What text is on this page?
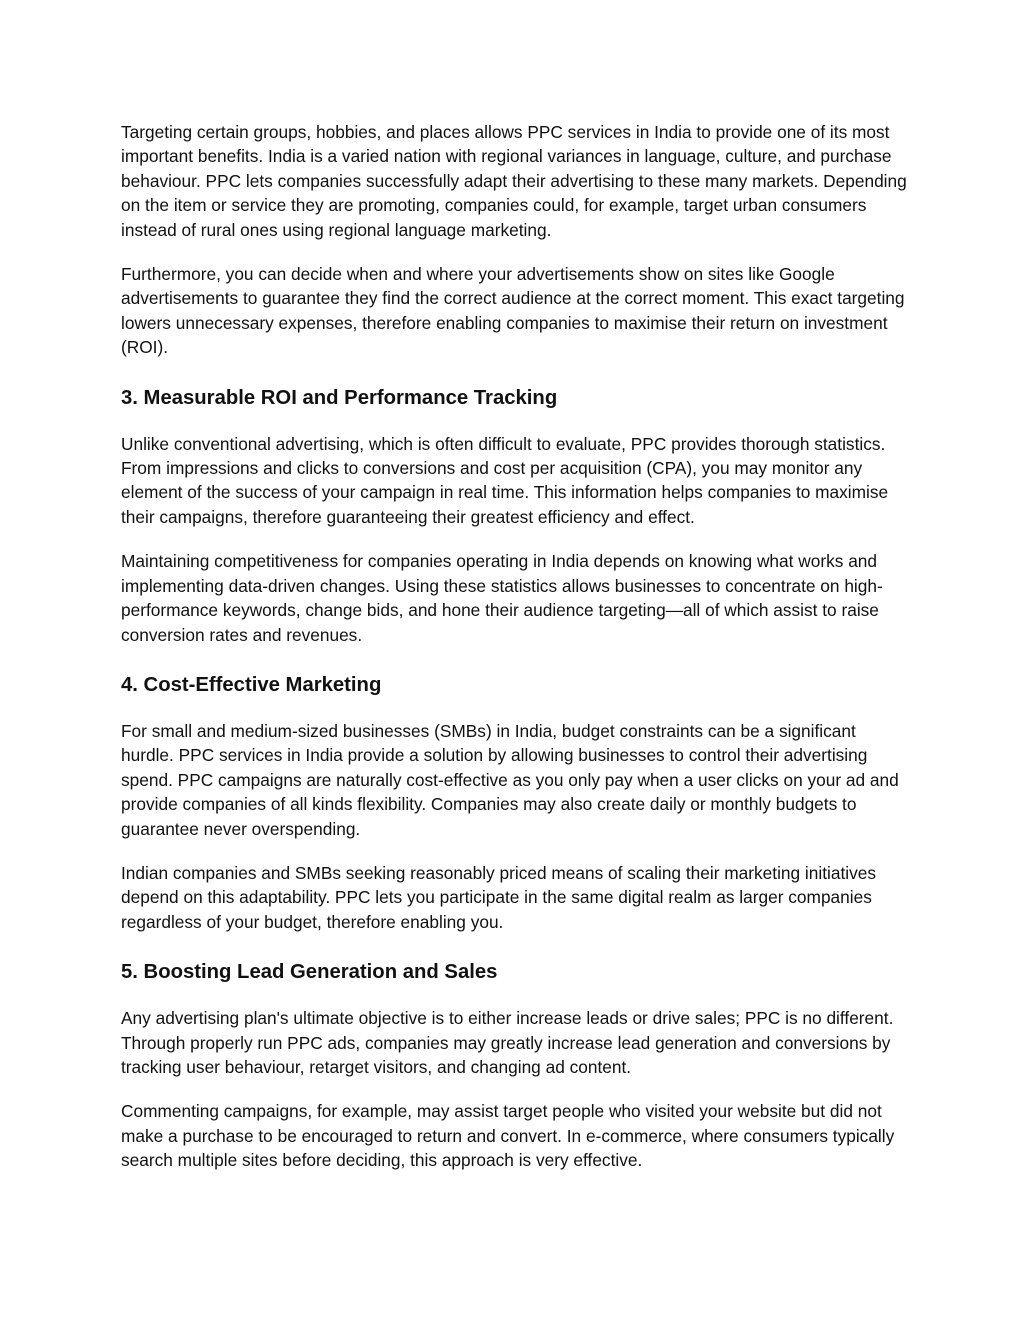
Targeting certain groups, hobbies, and places allows PPC services in India to provide one of its most important benefits. India is a varied nation with regional variances in language, culture, and purchase behaviour. PPC lets companies successfully adapt their advertising to these many markets. Depending on the item or service they are promoting, companies could, for example, target urban consumers instead of rural ones using regional language marketing.

Furthermore, you can decide when and where your advertisements show on sites like Google advertisements to guarantee they find the correct audience at the correct moment. This exact targeting lowers unnecessary expenses, therefore enabling companies to maximise their return on investment (ROI).

3. Measurable ROI and Performance Tracking

Unlike conventional advertising, which is often difficult to evaluate, PPC provides thorough statistics. From impressions and clicks to conversions and cost per acquisition (CPA), you may monitor any element of the success of your campaign in real time. This information helps companies to maximise their campaigns, therefore guaranteeing their greatest efficiency and effect.

Maintaining competitiveness for companies operating in India depends on knowing what works and implementing data-driven changes. Using these statistics allows businesses to concentrate on high-performance keywords, change bids, and hone their audience targeting—all of which assist to raise conversion rates and revenues.

4. Cost-Effective Marketing

For small and medium-sized businesses (SMBs) in India, budget constraints can be a significant hurdle. PPC services in India provide a solution by allowing businesses to control their advertising spend. PPC campaigns are naturally cost-effective as you only pay when a user clicks on your ad and provide companies of all kinds flexibility. Companies may also create daily or monthly budgets to guarantee never overspending.

Indian companies and SMBs seeking reasonably priced means of scaling their marketing initiatives depend on this adaptability. PPC lets you participate in the same digital realm as larger companies regardless of your budget, therefore enabling you.

5. Boosting Lead Generation and Sales

Any advertising plan's ultimate objective is to either increase leads or drive sales; PPC is no different. Through properly run PPC ads, companies may greatly increase lead generation and conversions by tracking user behaviour, retarget visitors, and changing ad content.

Commenting campaigns, for example, may assist target people who visited your website but did not make a purchase to be encouraged to return and convert. In e-commerce, where consumers typically search multiple sites before deciding, this approach is very effective.
